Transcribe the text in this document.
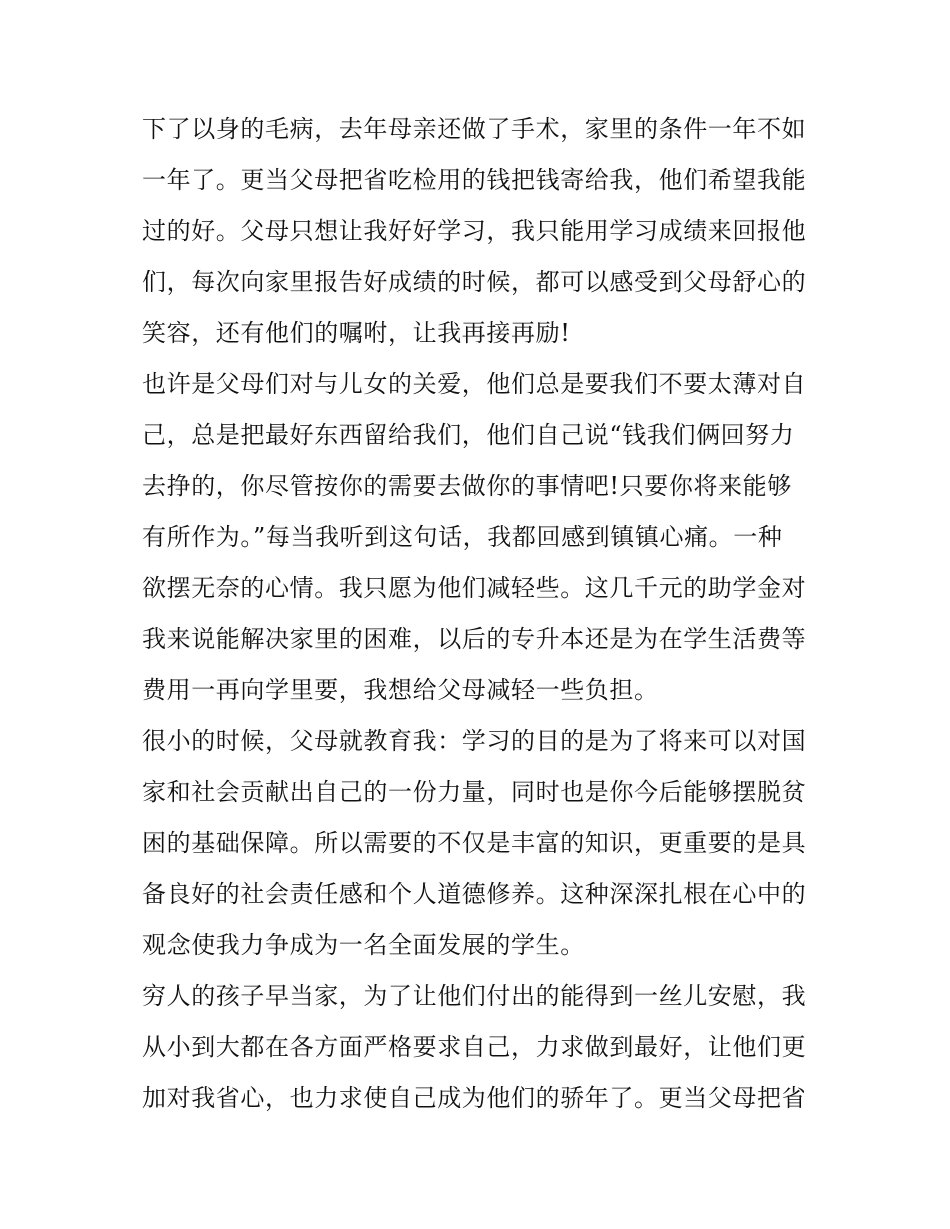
下了以身的毛病，去年母亲还做了手术，家里的条件一年不如
一年了。更当父母把省吃检用的钱把钱寄给我，他们希望我能
过的好。父母只想让我好好学习，我只能用学习成绩来回报他
们，每次向家里报告好成绩的时候，都可以感受到父母舒心的
笑容，还有他们的嘱咐，让我再接再励!
也许是父母们对与儿女的关爱，他们总是要我们不要太薄对自
己，总是把最好东西留给我们，他们自己说“钱我们俩回努力
去挣的，你尽管按你的需要去做你的事情吧!只要你将来能够
有所作为。”每当我听到这句话，我都回感到镇镇心痛。一种
欲摆无奈的心情。我只愿为他们减轻些。这几千元的助学金对
我来说能解决家里的困难，以后的专升本还是为在学生活费等
费用一再向学里要，我想给父母减轻一些负担。
很小的时候，父母就教育我：学习的目的是为了将来可以对国
家和社会贡献出自己的一份力量，同时也是你今后能够摆脱贫
困的基础保障。所以需要的不仅是丰富的知识，更重要的是具
备良好的社会责任感和个人道德修养。这种深深扎根在心中的
观念使我力争成为一名全面发展的学生。
穷人的孩子早当家，为了让他们付出的能得到一丝儿安慰，我
从小到大都在各方面严格要求自己，力求做到最好，让他们更
加对我省心，也力求使自己成为他们的骄年了。更当父母把省
